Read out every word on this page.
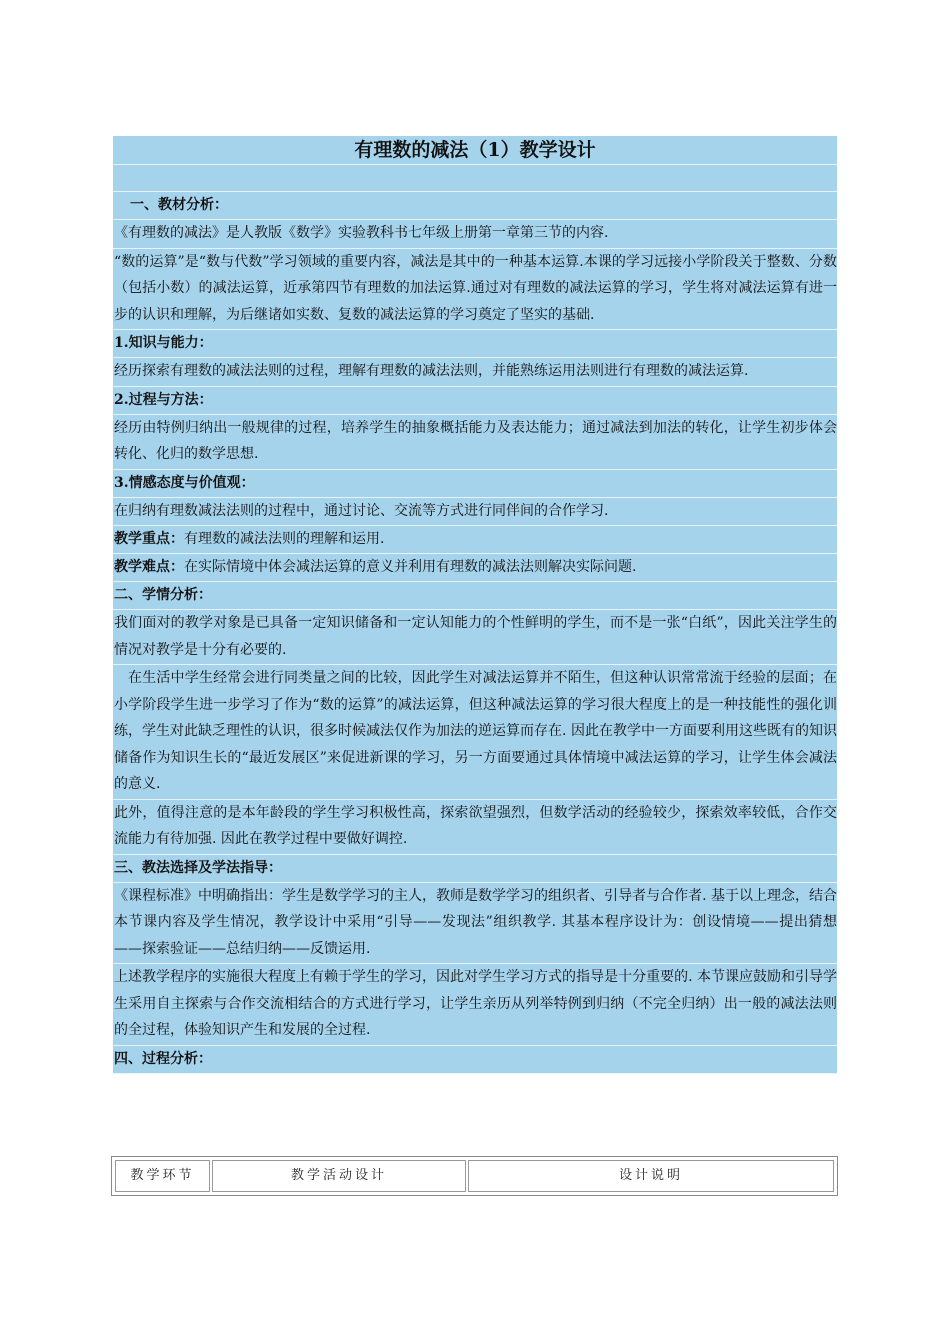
有理数的减法（1）教学设计
一、教材分析：
《有理数的减法》是人教版《数学》实验教科书七年级上册第一章第三节的内容.
“数的运算”是“数与代数”学习领域的重要内容，减法是其中的一种基本运算.本课的学习远接小学阶段关于整数、分数（包括小数）的减法运算，近承第四节有理数的加法运算.通过对有理数的减法运算的学习，学生将对减法运算有进一步的认识和理解，为后继诸如实数、复数的减法运算的学习奠定了坚实的基础.
1.知识与能力：
经历探索有理数的减法法则的过程，理解有理数的减法法则，并能熟练运用法则进行有理数的减法运算.
2.过程与方法：
经历由特例归纳出一般规律的过程，培养学生的抽象概括能力及表达能力；通过减法到加法的转化，让学生初步体会转化、化归的数学思想.
3.情感态度与价值观：
在归纳有理数减法法则的过程中，通过讨论、交流等方式进行同伴间的合作学习.
教学重点：有理数的减法法则的理解和运用.
教学难点：在实际情境中体会减法运算的意义并利用有理数的减法法则解决实际问题.
二、学情分析：
我们面对的教学对象是已具备一定知识储备和一定认知能力的个性鲜明的学生，而不是一张“白纸”，因此关注学生的情况对教学是十分有必要的.
在生活中学生经常会进行同类量之间的比较，因此学生对减法运算并不陌生，但这种认识常常流于经验的层面；在小学阶段学生进一步学习了作为“数的运算”的减法运算，但这种减法运算的学习很大程度上的是一种技能性的强化训练，学生对此缺乏理性的认识，很多时候减法仅作为加法的逆运算而存在. 因此在教学中一方面要利用这些既有的知识储备作为知识生长的“最近发展区”来促进新课的学习，另一方面要通过具体情境中减法运算的学习，让学生体会减法的意义.
此外，值得注意的是本年龄段的学生学习积极性高，探索欲望强烈，但数学活动的经验较少，探索效率较低，合作交流能力有待加强. 因此在教学过程中要做好调控.
三、教法选择及学法指导：
《课程标准》中明确指出：学生是数学学习的主人，教师是数学学习的组织者、引导者与合作者. 基于以上理念，结合本节课内容及学生情况，教学设计中采用“引导——发现法”组织教学. 其基本程序设计为：创设情境——提出猜想——探索验证——总结归纳——反馈运用.
上述教学程序的实施很大程度上有赖于学生的学习，因此对学生学习方式的指导是十分重要的. 本节课应鼓励和引导学生采用自主探索与合作交流相结合的方式进行学习，让学生亲历从列举特例到归纳（不完全归纳）出一般的减法法则的全过程，体验知识产生和发展的全过程.
四、过程分析：
教学环节	教学活动设计	设计说明
